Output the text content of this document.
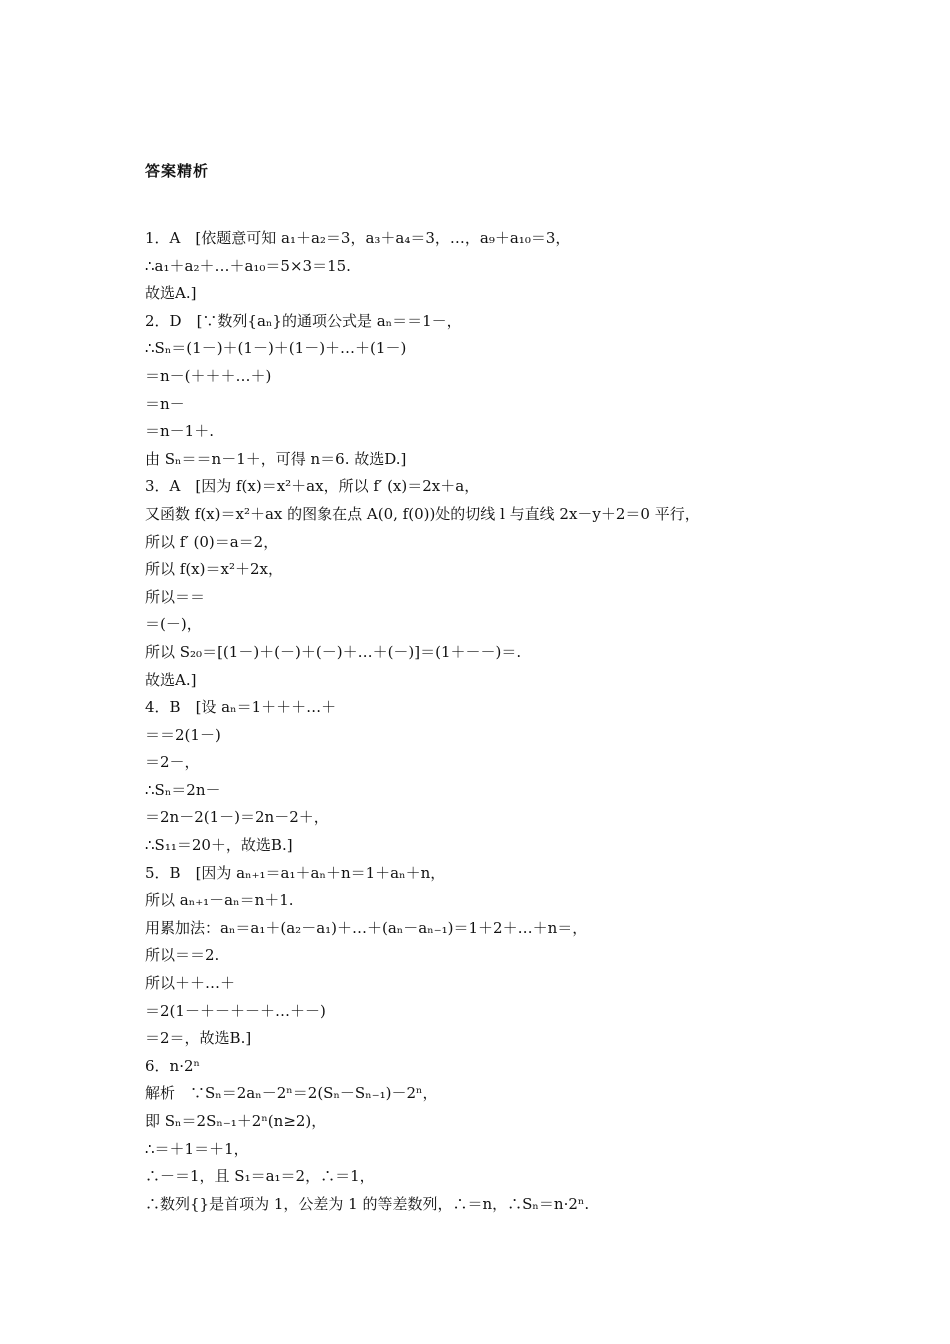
答案精析
1．A　[依题意可知 a₁＋a₂＝3，a₃＋a₄＝3，…，a₉＋a₁₀＝3，
∴a₁＋a₂＋…＋a₁₀＝5×3＝15.
故选A.]
2．D　[∵数列{aₙ}的通项公式是 aₙ＝＝1－，
∴Sₙ＝(1－)＋(1－)＋(1－)＋…＋(1－)
＝n－(＋＋＋…＋)
＝n－
＝n－1＋.
由 Sₙ＝＝n－1＋，可得 n＝6. 故选D.]
3．A　[因为 f(x)＝x²＋ax，所以 f′ (x)＝2x＋a，
又函数 f(x)＝x²＋ax 的图象在点 A(0, f(0))处的切线 l 与直线 2x－y＋2＝0 平行，
所以 f′ (0)＝a＝2，
所以 f(x)＝x²＋2x，
所以＝＝
＝(－)，
所以 S₂₀＝[(1－)＋(－)＋(－)＋…＋(－)]＝(1＋－－)＝.
故选A.]
4．B　[设 aₙ＝1＋＋＋…＋
＝＝2(1－)
＝2－，
∴Sₙ＝2n－
＝2n－2(1－)＝2n－2＋，
∴S₁₁＝20＋，故选B.]
5．B　[因为 aₙ₊₁＝a₁＋aₙ＋n＝1＋aₙ＋n，
所以 aₙ₊₁－aₙ＝n＋1.
用累加法：aₙ＝a₁＋(a₂－a₁)＋…＋(aₙ－aₙ₋₁)＝1＋2＋…＋n＝，
所以＝＝2.
所以＋＋…＋
＝2(1－＋－＋－＋…＋－)
＝2＝，故选B.]
6．n·2ⁿ
解析　∵Sₙ＝2aₙ－2ⁿ＝2(Sₙ－Sₙ₋₁)－2ⁿ，
即 Sₙ＝2Sₙ₋₁＋2ⁿ(n≥2)，
∴＝＋1＝＋1，
∴－＝1，且 S₁＝a₁＝2，∴＝1，
∴数列{}是首项为 1，公差为 1 的等差数列，∴＝n，∴Sₙ＝n·2ⁿ.
